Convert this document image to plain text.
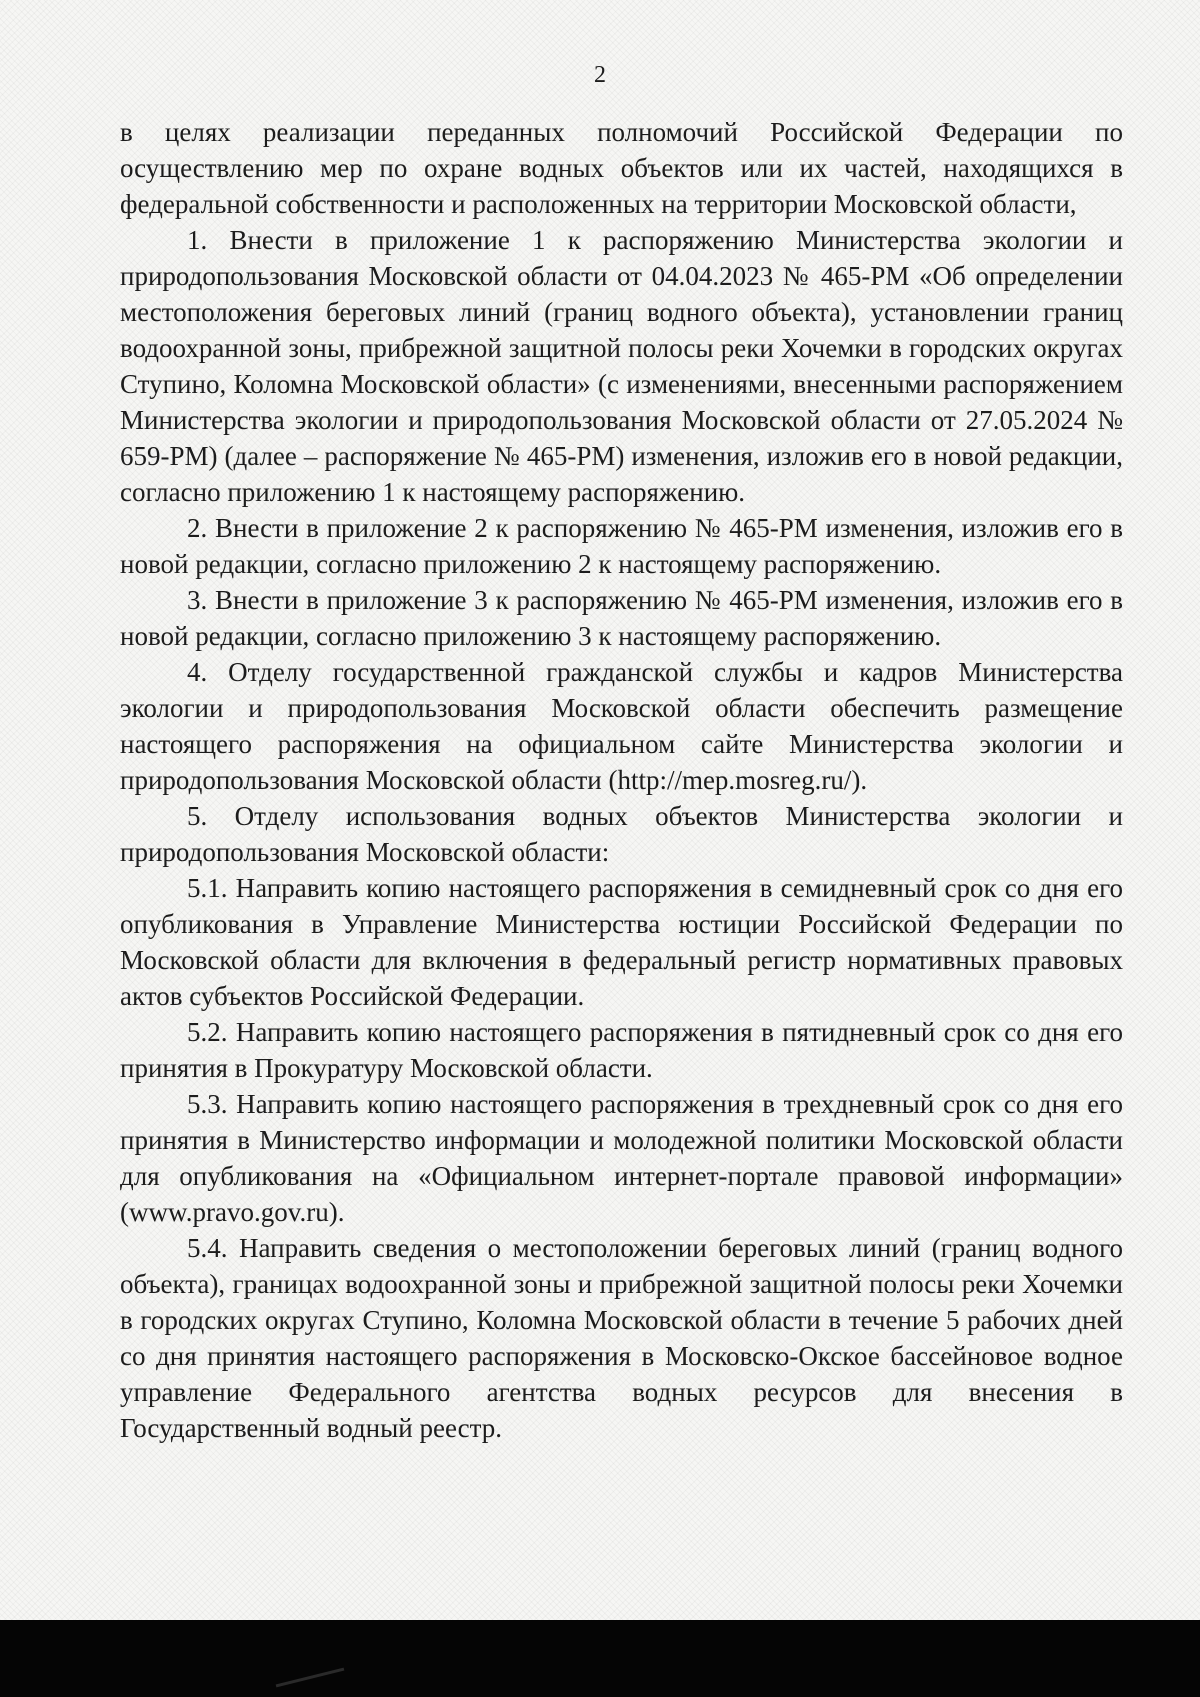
2

в целях реализации переданных полномочий Российской Федерации по осуществлению мер по охране водных объектов или их частей, находящихся в федеральной собственности и расположенных на территории Московской области,

1. Внести в приложение 1 к распоряжению Министерства экологии и природопользования Московской области от 04.04.2023 № 465-РМ «Об определении местоположения береговых линий (границ водного объекта), установлении границ водоохранной зоны, прибрежной защитной полосы реки Хочемки в городских округах Ступино, Коломна Московской области» (с изменениями, внесенными распоряжением Министерства экологии и природопользования Московской области от 27.05.2024 № 659-РМ) (далее – распоряжение № 465-РМ) изменения, изложив его в новой редакции, согласно приложению 1 к настоящему распоряжению.

2. Внести в приложение 2 к распоряжению № 465-РМ изменения, изложив его в новой редакции, согласно приложению 2 к настоящему распоряжению.

3. Внести в приложение 3 к распоряжению № 465-РМ изменения, изложив его в новой редакции, согласно приложению 3 к настоящему распоряжению.

4. Отделу государственной гражданской службы и кадров Министерства экологии и природопользования Московской области обеспечить размещение настоящего распоряжения на официальном сайте Министерства экологии и природопользования Московской области (http://mep.mosreg.ru/).

5. Отделу использования водных объектов Министерства экологии и природопользования Московской области:

5.1. Направить копию настоящего распоряжения в семидневный срок со дня его опубликования в Управление Министерства юстиции Российской Федерации по Московской области для включения в федеральный регистр нормативных правовых актов субъектов Российской Федерации.

5.2. Направить копию настоящего распоряжения в пятидневный срок со дня его принятия в Прокуратуру Московской области.

5.3. Направить копию настоящего распоряжения в трехдневный срок со дня его принятия в Министерство информации и молодежной политики Московской области для опубликования на «Официальном интернет-портале правовой информации» (www.pravo.gov.ru).

5.4. Направить сведения о местоположении береговых линий (границ водного объекта), границах водоохранной зоны и прибрежной защитной полосы реки Хочемки в городских округах Ступино, Коломна Московской области в течение 5 рабочих дней со дня принятия настоящего распоряжения в Московско-Окское бассейновое водное управление Федерального агентства водных ресурсов для внесения в Государственный водный реестр.
